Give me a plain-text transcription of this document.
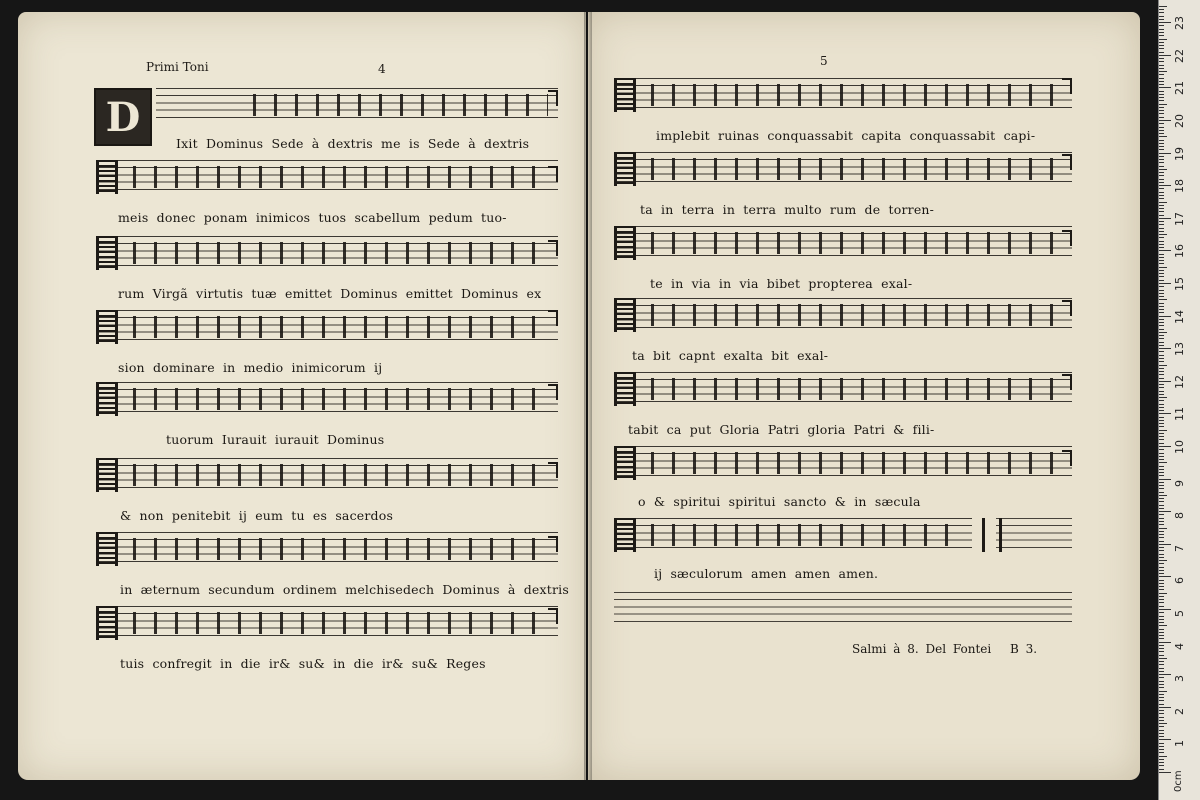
Primi Toni	4
D
Ixit Dominus Sede à dextris me is Sede à dextris
meis donec ponam inimicos tuos scabellum pedum tuo-
rum Virgã virtutis tuæ emittet Dominus emittet Dominus ex
sion dominare in medio inimicorum ij
tuorum Iurauit iurauit Dominus
& non penitebit ij eum tu es sacerdos
in æternum secundum ordinem melchisedech Dominus à dextris
tuis confregit in die ir& su& in die ir& su& Reges
5
implebit ruinas conquassabit capita conquassabit capi-
ta in terra in terra multo rum de torren-
te in via in via bibet propterea exal-
ta bit capnt exalta bit exal-
tabit ca put Gloria Patri gloria Patri & fili-
o & spiritui spiritui sancto & in sæcula
ij sæculorum amen amen amen.
Salmi à 8. Del Fontei B 3.
1
2
3
4
5
6
7
8
9
10
11
12
13
14
15
16
17
18
19
20
21
22
23
0cm
